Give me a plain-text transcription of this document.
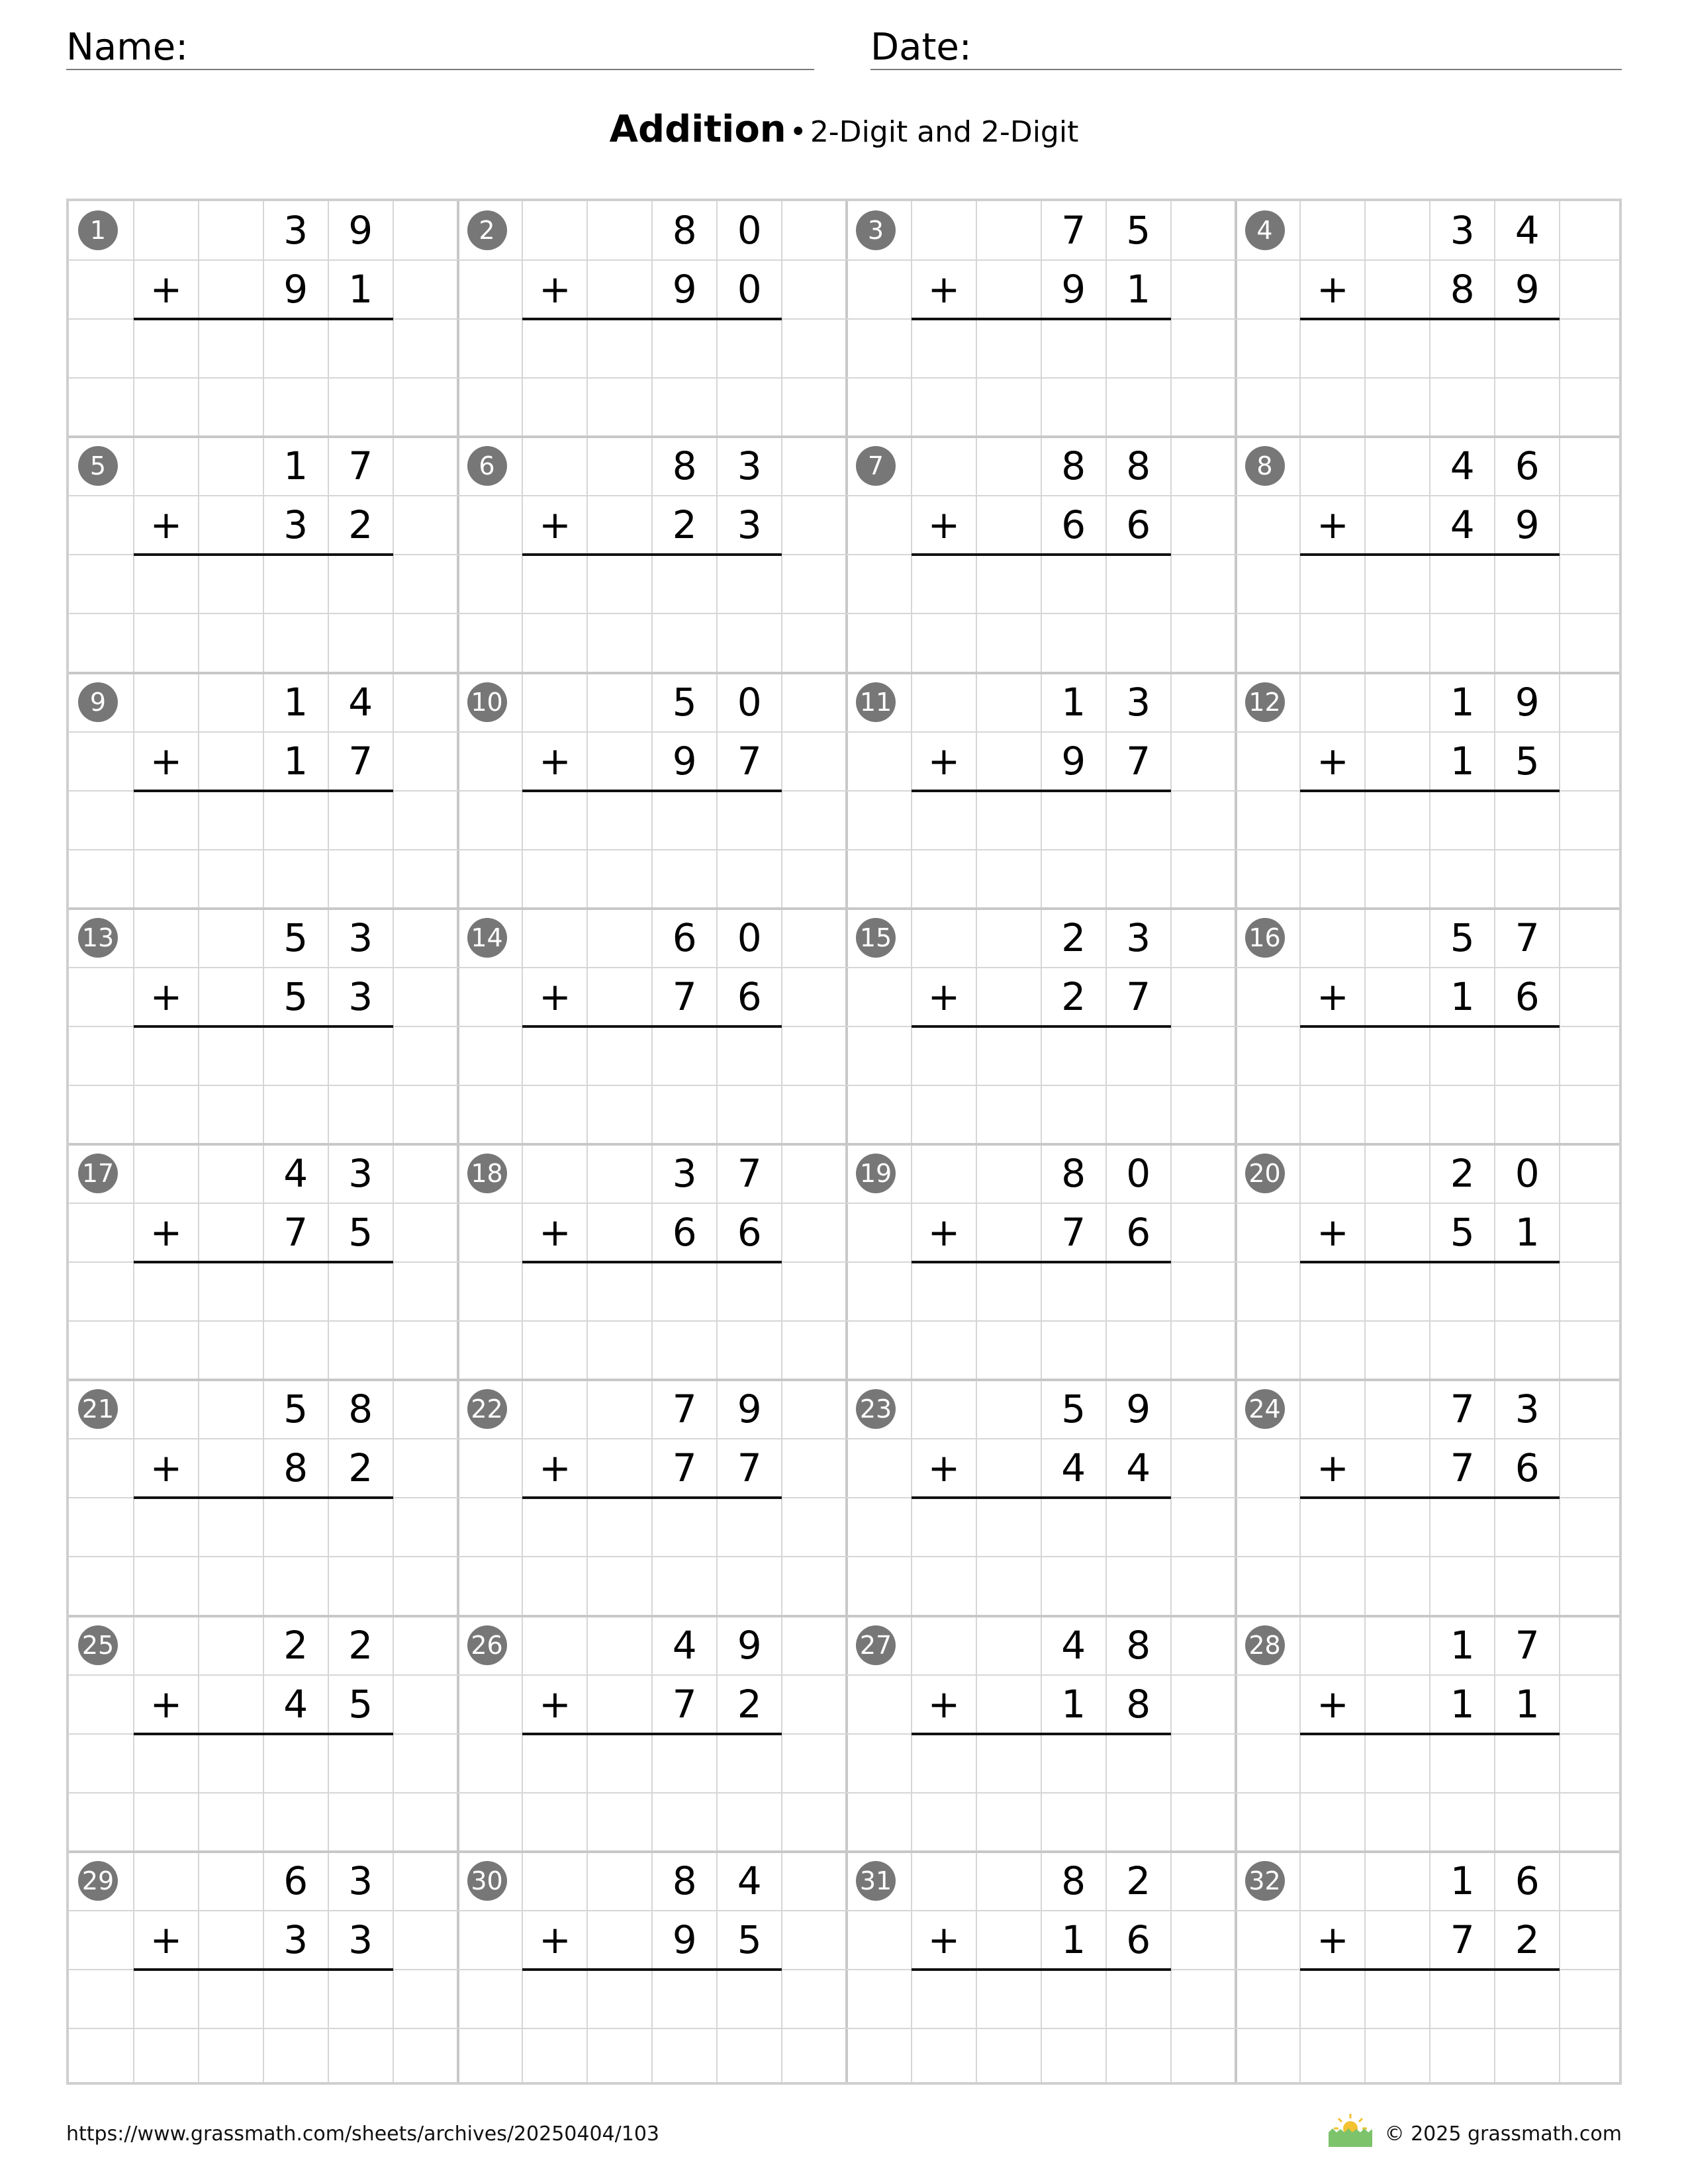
Name:	Date:
Addition • 2-Digit and 2-Digit
1	3	9
+	9	1
2	8	0
+	9	0
3	7	5
+	9	1
4	3	4
+	8	9
5	1	7
+	3	2
6	8	3
+	2	3
7	8	8
+	6	6
8	4	6
+	4	9
9	1	4
+	1	7
10	5	0
+	9	7
11	1	3
+	9	7
12	1	9
+	1	5
13	5	3
+	5	3
14	6	0
+	7	6
15	2	3
+	2	7
16	5	7
+	1	6
17	4	3
+	7	5
18	3	7
+	6	6
19	8	0
+	7	6
20	2	0
+	5	1
21	5	8
+	8	2
22	7	9
+	7	7
23	5	9
+	4	4
24	7	3
+	7	6
25	2	2
+	4	5
26	4	9
+	7	2
27	4	8
+	1	8
28	1	7
+	1	1
29	6	3
+	3	3
30	8	4
+	9	5
31	8	2
+	1	6
32	1	6
+	7	2
https://www.grassmath.com/sheets/archives/20250404/103	© 2025 grassmath.com
